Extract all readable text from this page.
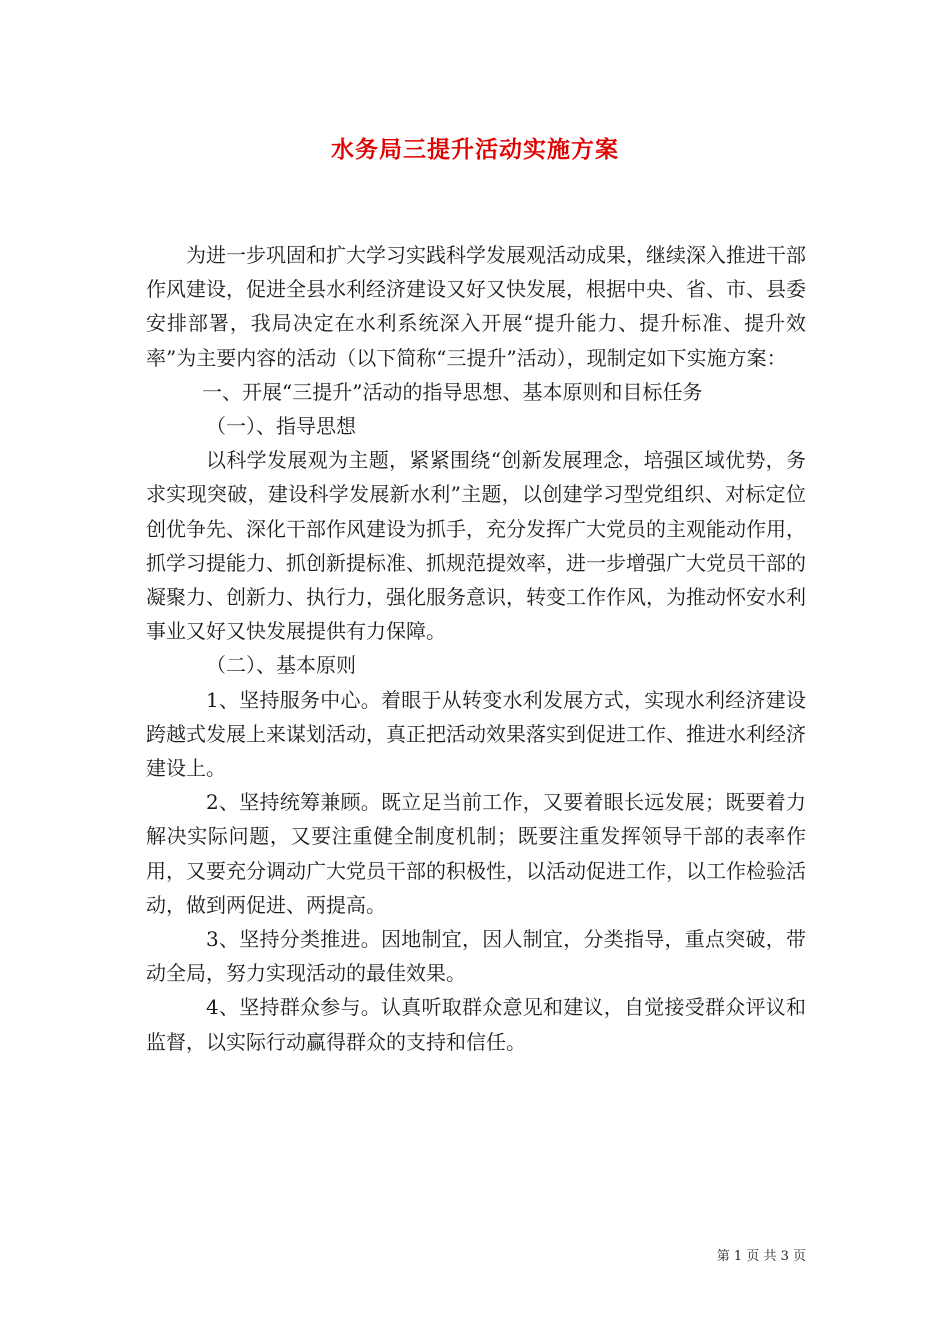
水务局三提升活动实施方案

为进一步巩固和扩大学习实践科学发展观活动成果，继续深入推进干部作风建设，促进全县水利经济建设又好又快发展，根据中央、省、市、县委安排部署，我局决定在水利系统深入开展“提升能力、提升标准、提升效率”为主要内容的活动（以下简称“三提升”活动），现制定如下实施方案：

一、开展“三提升”活动的指导思想、基本原则和目标任务

（一）、指导思想

以科学发展观为主题，紧紧围绕“创新发展理念，培强区域优势，务求实现突破，建设科学发展新水利”主题，以创建学习型党组织、对标定位创优争先、深化干部作风建设为抓手，充分发挥广大党员的主观能动作用，抓学习提能力、抓创新提标准、抓规范提效率，进一步增强广大党员干部的凝聚力、创新力、执行力，强化服务意识，转变工作作风，为推动怀安水利事业又好又快发展提供有力保障。

（二）、基本原则

1、坚持服务中心。着眼于从转变水利发展方式，实现水利经济建设跨越式发展上来谋划活动，真正把活动效果落实到促进工作、推进水利经济建设上。

2、坚持统筹兼顾。既立足当前工作，又要着眼长远发展；既要着力解决实际问题，又要注重健全制度机制；既要注重发挥领导干部的表率作用，又要充分调动广大党员干部的积极性，以活动促进工作，以工作检验活动，做到两促进、两提高。

3、坚持分类推进。因地制宜，因人制宜，分类指导，重点突破，带动全局，努力实现活动的最佳效果。

4、坚持群众参与。认真听取群众意见和建议，自觉接受群众评议和监督，以实际行动赢得群众的支持和信任。

第 1 页 共 3 页
